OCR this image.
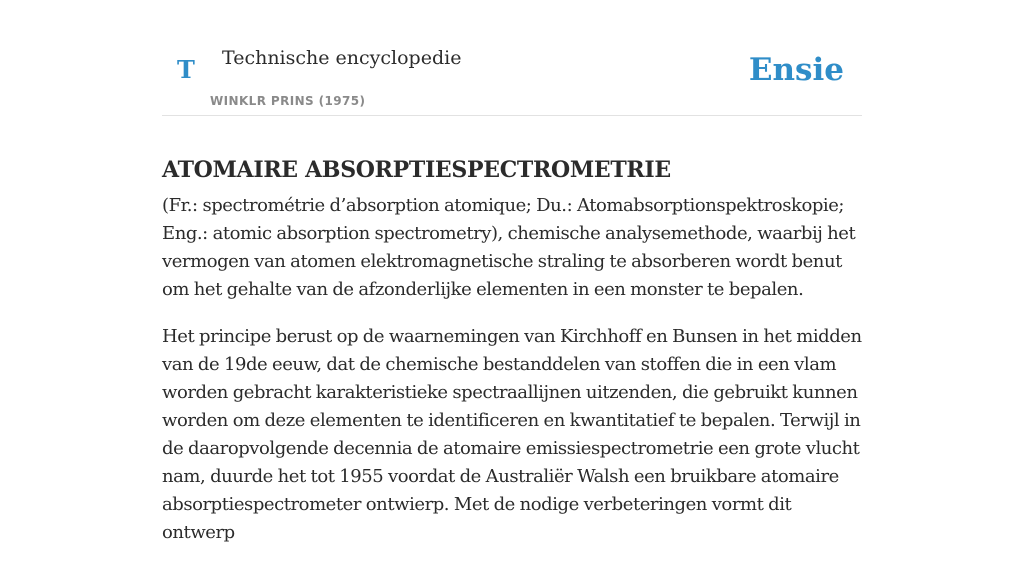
T Technische encyclopedie
WINKLR PRINS (1975)
Ensie
ATOMAIRE ABSORPTIESPECTROMETRIE

(Fr.: spectrométrie d’absorption atomique; Du.: Atomabsorptionspektroskopie; Eng.: atomic absorption spectrometry), chemische analysemethode, waarbij het vermogen van atomen elektromagnetische straling te absorberen wordt benut om het gehalte van de afzonderlijke elementen in een monster te bepalen.

Het principe berust op de waarnemingen van Kirchhoff en Bunsen in het midden van de 19de eeuw, dat de chemische bestanddelen van stoffen die in een vlam worden gebracht karakteristieke spectraallijnen uitzenden, die gebruikt kunnen worden om deze elementen te identificeren en kwantitatief te bepalen. Terwijl in de daaropvolgende decennia de atomaire emissiespectrometrie een grote vlucht nam, duurde het tot 1955 voordat de Australiër Walsh een bruikbare atomaire absorptiespectrometer ontwierp. Met de nodige verbeteringen vormt dit ontwerp
